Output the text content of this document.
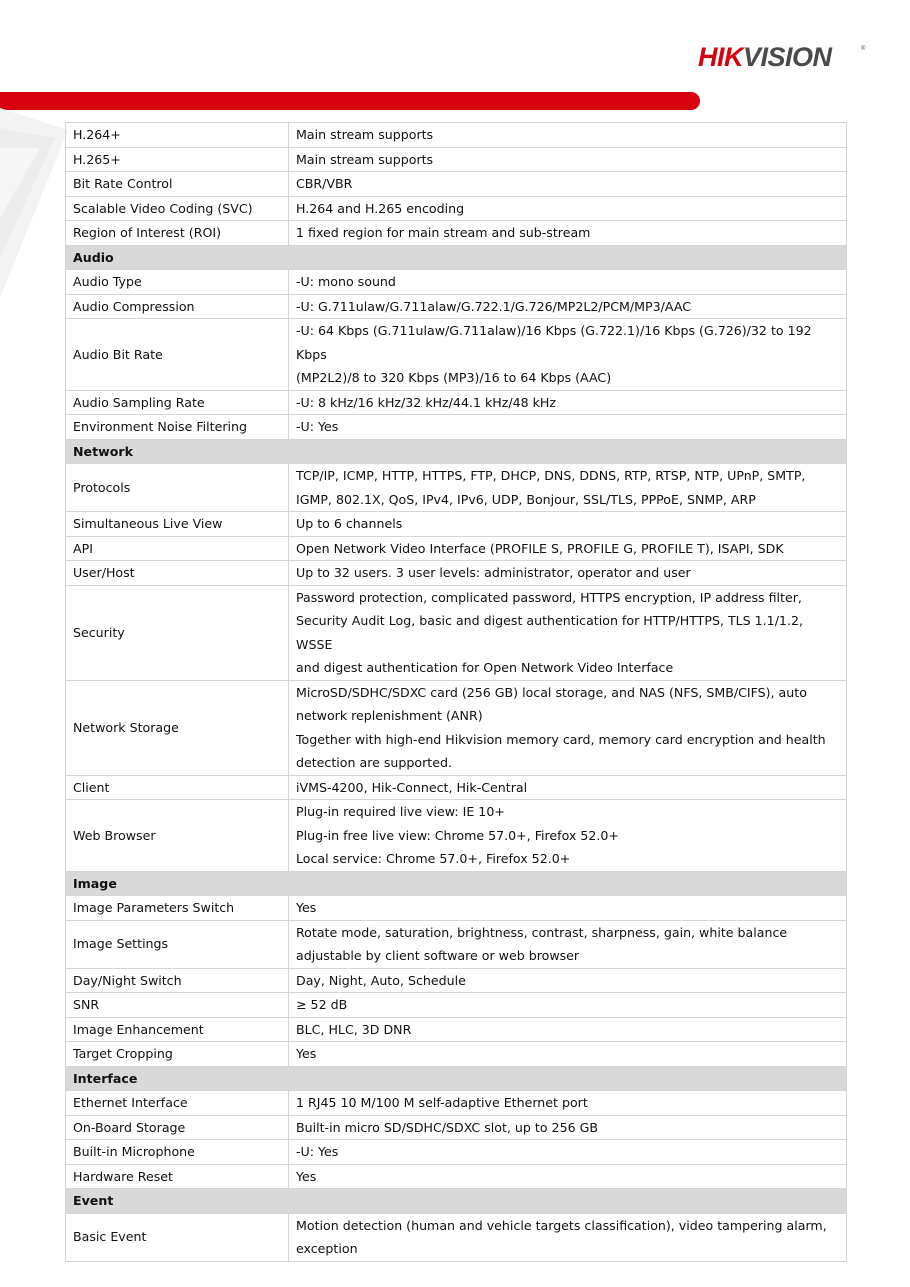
HIKVISION	®
H.264+	Main stream supports

H.265+	Main stream supports

Bit Rate Control	CBR/VBR

Scalable Video Coding (SVC)	H.264 and H.265 encoding

Region of Interest (ROI)	1 fixed region for main stream and sub-stream

Audio	
Audio Type	-U: mono sound

Audio Compression	-U: G.711ulaw/G.711alaw/G.722.1/G.726/MP2L2/PCM/MP3/AAC

Audio Bit Rate	-U: 64 Kbps (G.711ulaw/G.711alaw)/16 Kbps (G.722.1)/16 Kbps (G.726)/32 to 192 Kbps
(MP2L2)/8 to 320 Kbps (MP3)/16 to 64 Kbps (AAC)

Audio Sampling Rate	-U: 8 kHz/16 kHz/32 kHz/44.1 kHz/48 kHz

Environment Noise Filtering	-U: Yes

Network	
Protocols	TCP/IP, ICMP, HTTP, HTTPS, FTP, DHCP, DNS, DDNS, RTP, RTSP, NTP, UPnP, SMTP,
IGMP, 802.1X, QoS, IPv4, IPv6, UDP, Bonjour, SSL/TLS, PPPoE, SNMP, ARP

Simultaneous Live View	Up to 6 channels

API	Open Network Video Interface (PROFILE S, PROFILE G, PROFILE T), ISAPI, SDK

User/Host	Up to 32 users. 3 user levels: administrator, operator and user

Security	Password protection, complicated password, HTTPS encryption, IP address filter,
Security Audit Log, basic and digest authentication for HTTP/HTTPS, TLS 1.1/1.2, WSSE
and digest authentication for Open Network Video Interface

Network Storage	MicroSD/SDHC/SDXC card (256 GB) local storage, and NAS (NFS, SMB/CIFS), auto
network replenishment (ANR)
Together with high-end Hikvision memory card, memory card encryption and health
detection are supported.

Client	iVMS-4200, Hik-Connect, Hik-Central

Web Browser	Plug-in required live view: IE 10+
Plug-in free live view: Chrome 57.0+, Firefox 52.0+
Local service: Chrome 57.0+, Firefox 52.0+

Image	
Image Parameters Switch	Yes

Image Settings	Rotate mode, saturation, brightness, contrast, sharpness, gain, white balance
adjustable by client software or web browser

Day/Night Switch	Day, Night, Auto, Schedule

SNR	≥ 52 dB

Image Enhancement	BLC, HLC, 3D DNR

Target Cropping	Yes

Interface	
Ethernet Interface	1 RJ45 10 M/100 M self-adaptive Ethernet port

On-Board Storage	Built-in micro SD/SDHC/SDXC slot, up to 256 GB

Built-in Microphone	-U: Yes

Hardware Reset	Yes

Event	
Basic Event	Motion detection (human and vehicle targets classification), video tampering alarm,
exception
